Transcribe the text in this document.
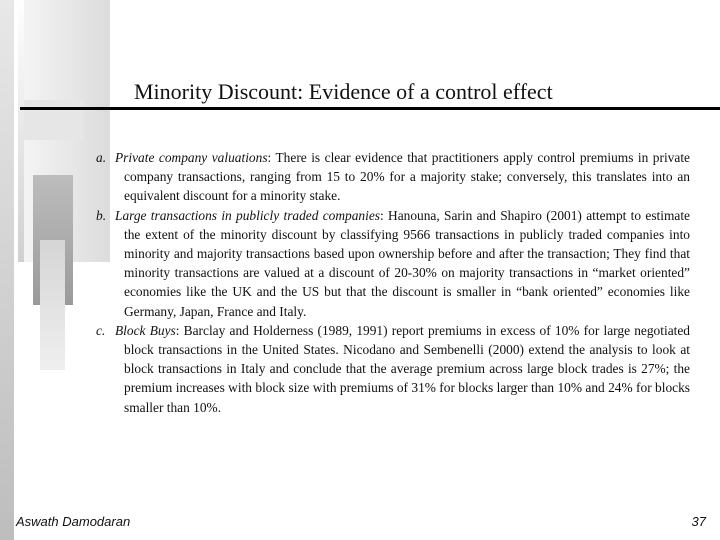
Minority Discount: Evidence of a control effect
a. Private company valuations: There is clear evidence that practitioners apply control premiums in private company transactions, ranging from 15 to 20% for a majority stake; conversely, this translates into an equivalent discount for a minority stake.
b. Large transactions in publicly traded companies: Hanouna, Sarin and Shapiro (2001) attempt to estimate the extent of the minority discount by classifying 9566 transactions in publicly traded companies into minority and majority transactions based upon ownership before and after the transaction; They find that minority transactions are valued at a discount of 20-30% on majority transactions in “market oriented” economies like the UK and the US but that the discount is smaller in “bank oriented” economies like Germany, Japan, France and Italy.
c. Block Buys: Barclay and Holderness (1989, 1991) report premiums in excess of 10% for large negotiated block transactions in the United States. Nicodano and Sembenelli (2000) extend the analysis to look at block transactions in Italy and conclude that the average premium across large block trades is 27%; the premium increases with block size with premiums of 31% for blocks larger than 10% and 24% for blocks smaller than 10%.
Aswath Damodaran	37
